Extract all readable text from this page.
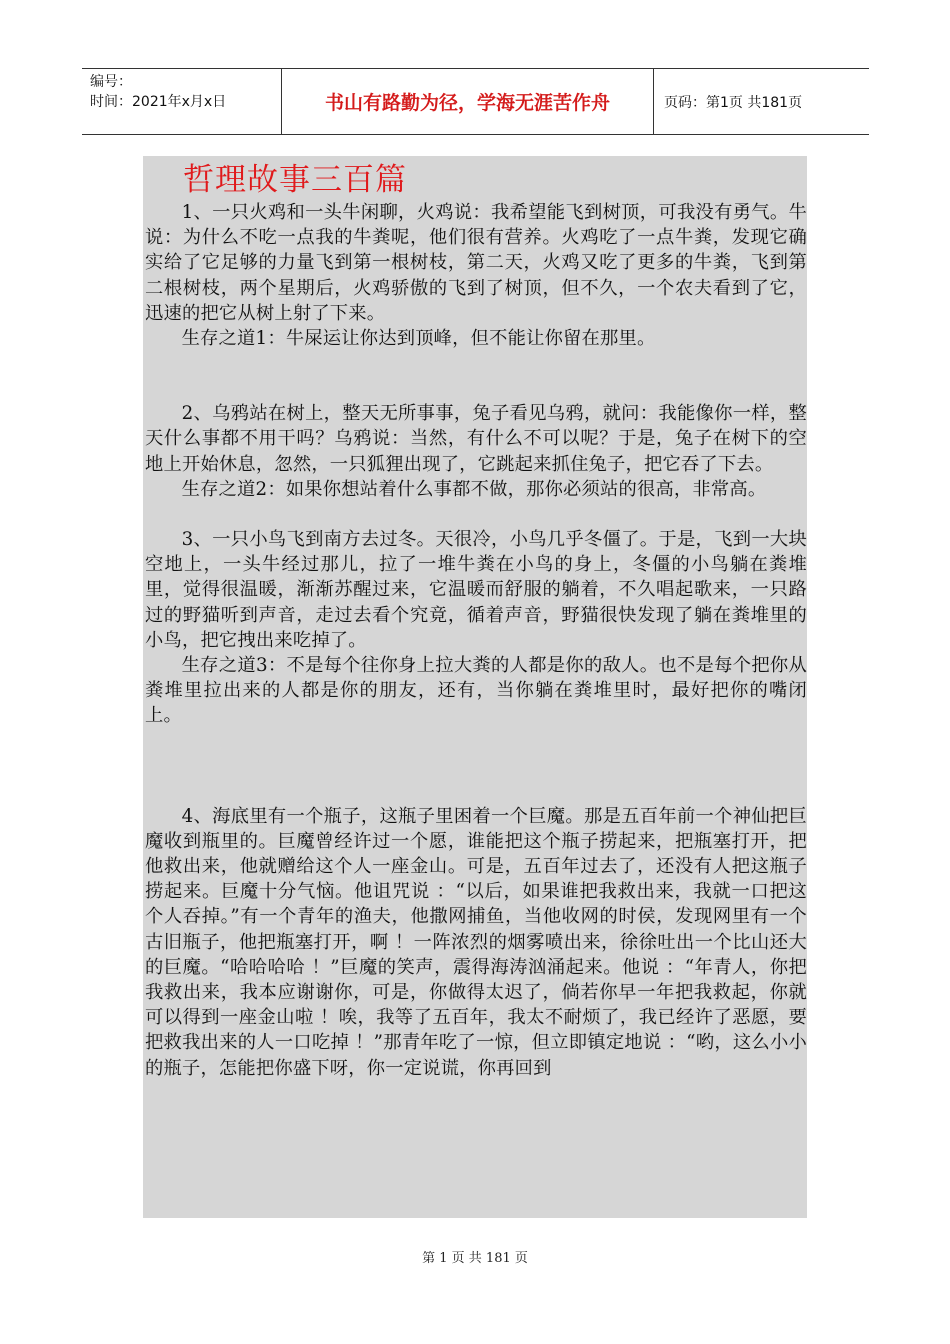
编号：
时间：2021年x月x日	书山有路勤为径，学海无涯苦作舟	页码：第1页 共181页
哲理故事三百篇

1、一只火鸡和一头牛闲聊，火鸡说：我希望能飞到树顶，可我没有勇气。牛说：为什么不吃一点我的牛粪呢，他们很有营养。火鸡吃了一点牛粪，发现它确实给了它足够的力量飞到第一根树枝，第二天，火鸡又吃了更多的牛粪，飞到第二根树枝，两个星期后，火鸡骄傲的飞到了树顶，但不久，一个农夫看到了它，迅速的把它从树上射了下来。

生存之道1：牛屎运让你达到顶峰，但不能让你留在那里。

2、乌鸦站在树上，整天无所事事，兔子看见乌鸦，就问：我能像你一样，整天什么事都不用干吗？乌鸦说：当然，有什么不可以呢？于是，兔子在树下的空地上开始休息，忽然，一只狐狸出现了，它跳起来抓住兔子，把它吞了下去。

生存之道2：如果你想站着什么事都不做，那你必须站的很高，非常高。

3、一只小鸟飞到南方去过冬。天很冷，小鸟几乎冬僵了。于是，飞到一大块空地上，一头牛经过那儿，拉了一堆牛粪在小鸟的身上，冬僵的小鸟躺在粪堆里，觉得很温暖，渐渐苏醒过来，它温暖而舒服的躺着，不久唱起歌来，一只路过的野猫听到声音，走过去看个究竟，循着声音，野猫很快发现了躺在粪堆里的小鸟，把它拽出来吃掉了。

生存之道3：不是每个往你身上拉大粪的人都是你的敌人。也不是每个把你从粪堆里拉出来的人都是你的朋友，还有，当你躺在粪堆里时，最好把你的嘴闭上。

4、海底里有一个瓶子，这瓶子里困着一个巨魔。那是五百年前一个神仙把巨魔收到瓶里的。巨魔曾经许过一个愿，谁能把这个瓶子捞起来，把瓶塞打开，把他救出来，他就赠给这个人一座金山。可是，五百年过去了，还没有人把这瓶子捞起来。巨魔十分气恼。他诅咒说 ：“以后，如果谁把我救出来，我就一口把这个人吞掉。”有一个青年的渔夫，他撒网捕鱼，当他收网的时侯，发现网里有一个古旧瓶子，他把瓶塞打开，啊 ！一阵浓烈的烟雾喷出来，徐徐吐出一个比山还大的巨魔。“哈哈哈哈 ！”巨魔的笑声，震得海涛汹涌起来。他说 ：“年青人，你把我救出来，我本应谢谢你，可是，你做得太迟了，倘若你早一年把我救起，你就可以得到一座金山啦 ！唉，我等了五百年，我太不耐烦了，我已经许了恶愿，要把救我出来的人一口吃掉 ！”那青年吃了一惊，但立即镇定地说 ：“哟，这么小小的瓶子，怎能把你盛下呀，你一定说谎，你再回到

第 1 页 共 181 页
